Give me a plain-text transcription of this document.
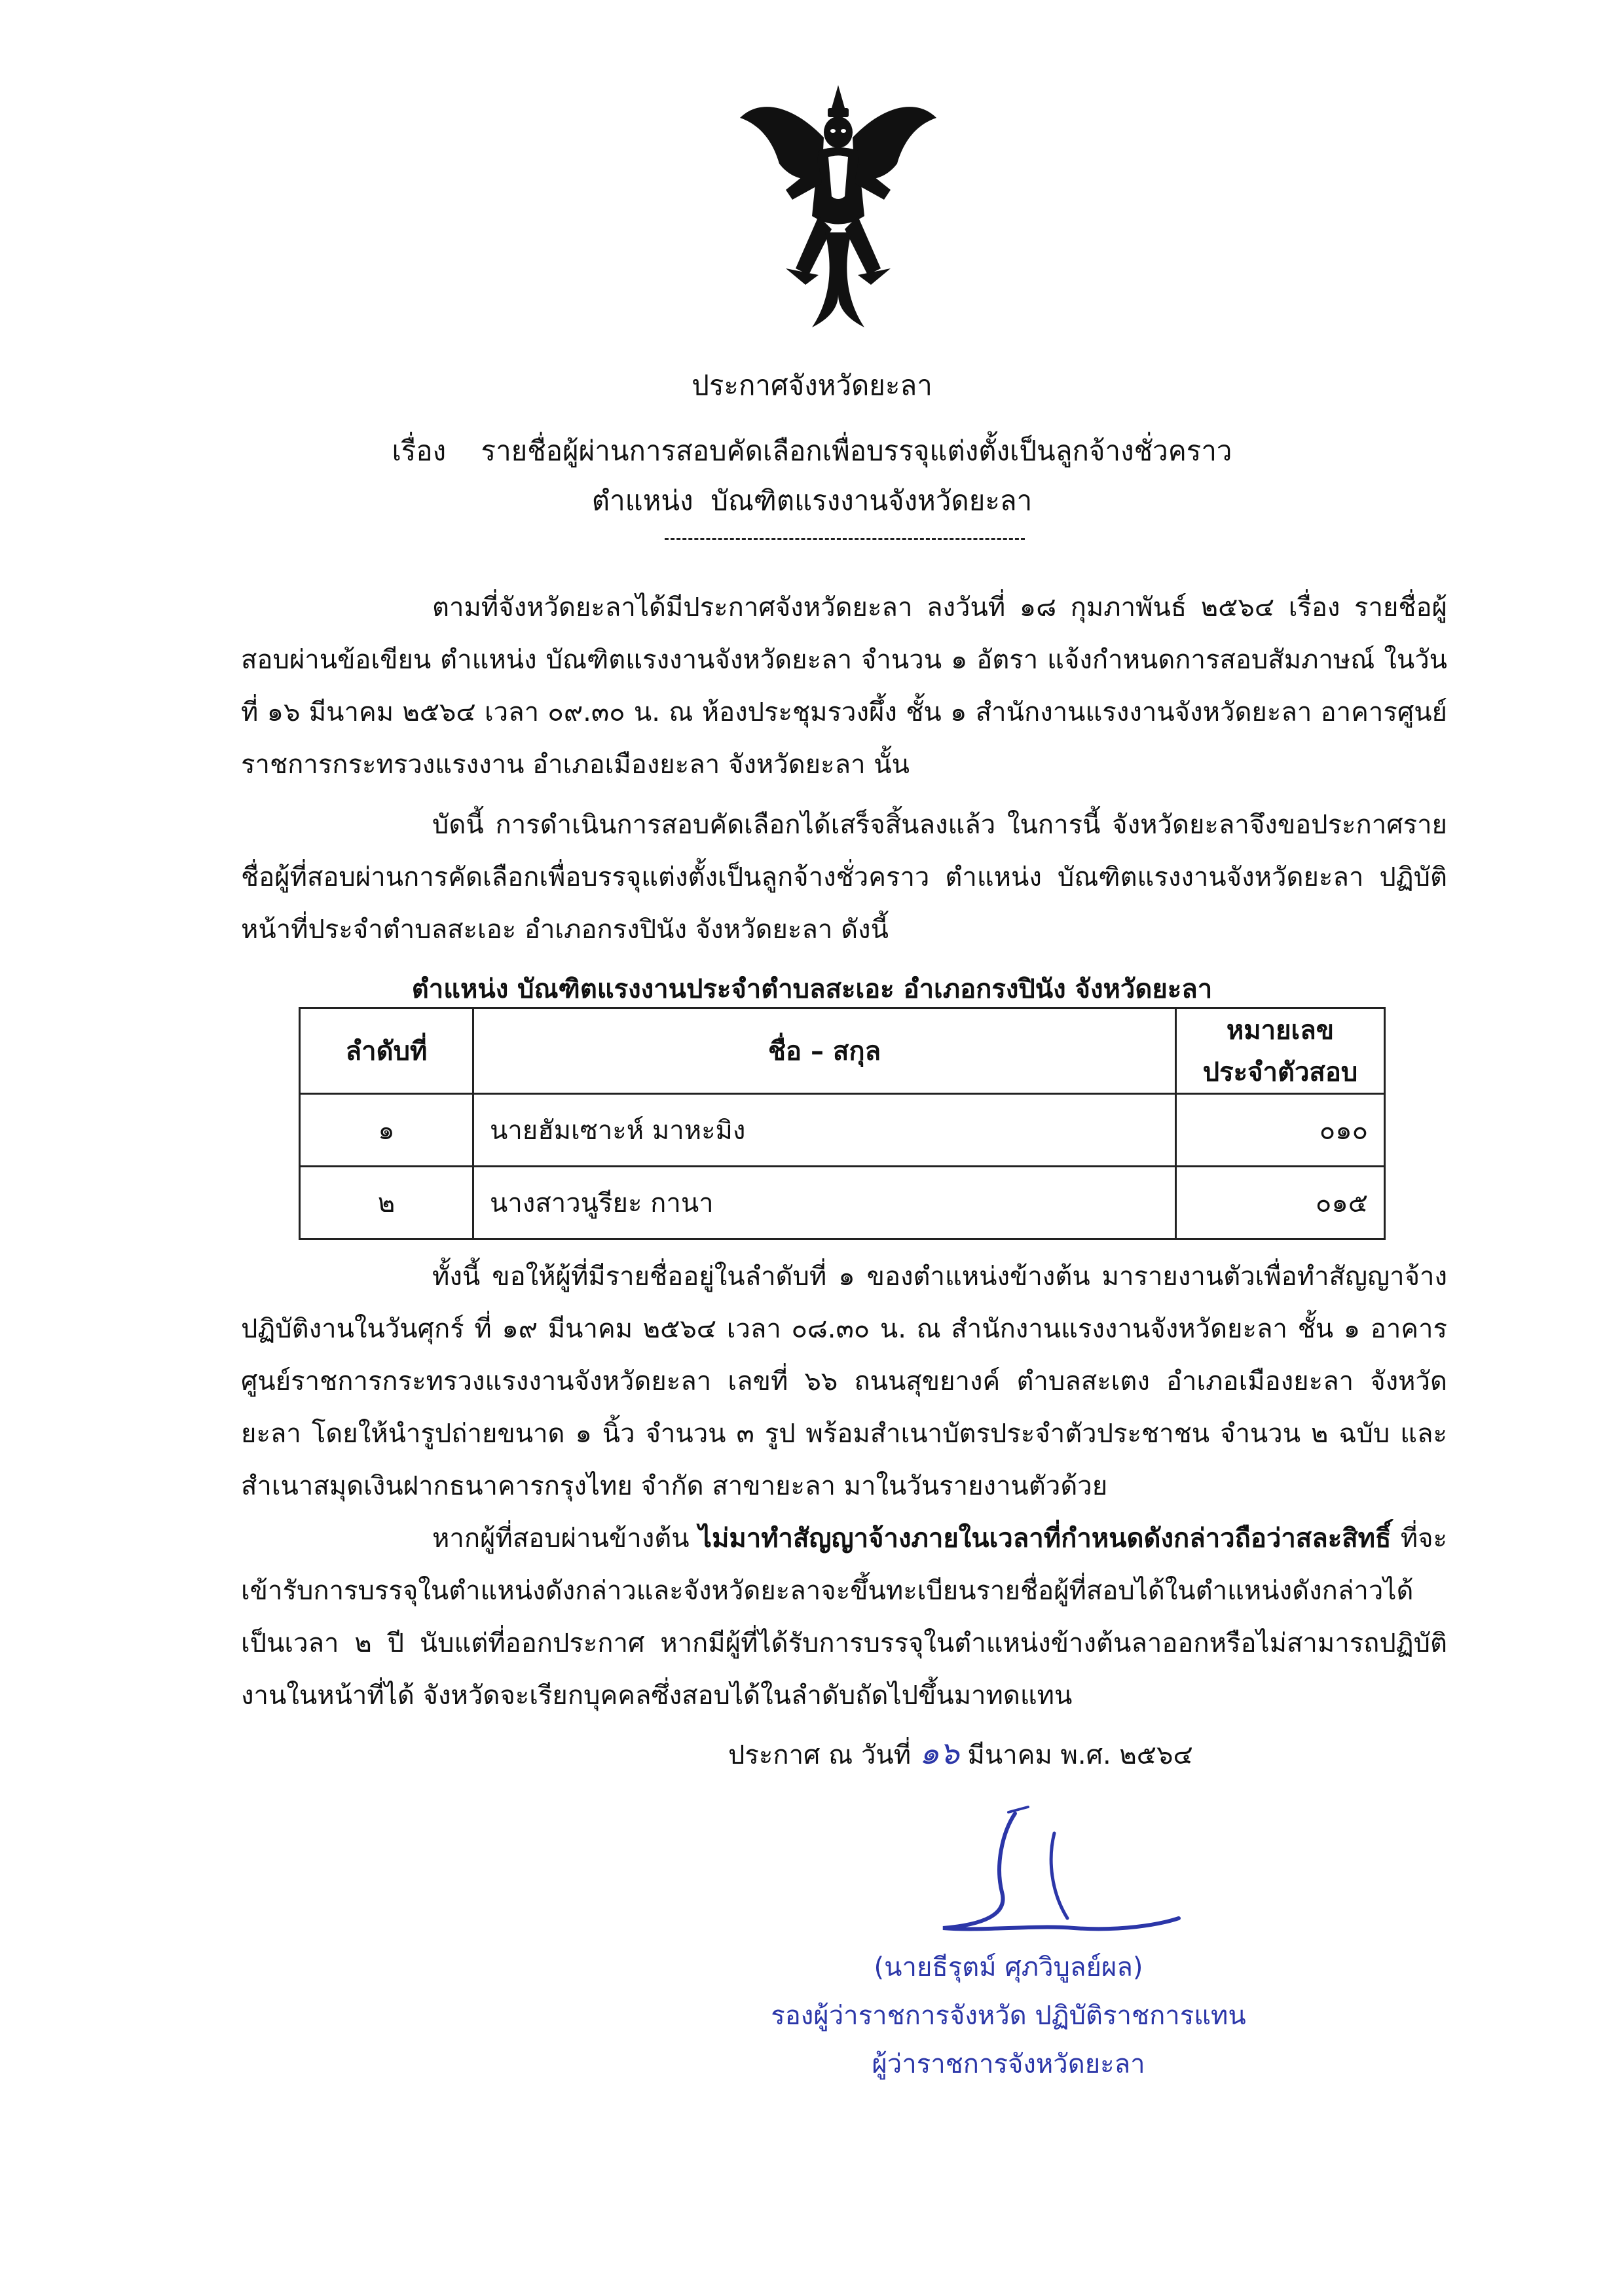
ประกาศจังหวัดยะลา
เรื่อง รายชื่อผู้ผ่านการสอบคัดเลือกเพื่อบรรจุแต่งตั้งเป็นลูกจ้างชั่วคราว
ตำแหน่ง บัณฑิตแรงงานจังหวัดยะลา

ตามที่จังหวัดยะลาได้มีประกาศจังหวัดยะลา ลงวันที่ ๑๘ กุมภาพันธ์ ๒๕๖๔ เรื่อง รายชื่อผู้สอบผ่านข้อเขียน ตำแหน่ง บัณฑิตแรงงานจังหวัดยะลา จำนวน ๑ อัตรา แจ้งกำหนดการสอบสัมภาษณ์ ในวันที่ ๑๖ มีนาคม ๒๕๖๔ เวลา ๐๙.๓๐ น. ณ ห้องประชุมรวงผึ้ง ชั้น ๑ สำนักงานแรงงานจังหวัดยะลา อาคารศูนย์ราชการกระทรวงแรงงาน อำเภอเมืองยะลา จังหวัดยะลา นั้น

บัดนี้ การดำเนินการสอบคัดเลือกได้เสร็จสิ้นลงแล้ว ในการนี้ จังหวัดยะลาจึงขอประกาศรายชื่อผู้ที่สอบผ่านการคัดเลือกเพื่อบรรจุแต่งตั้งเป็นลูกจ้างชั่วคราว ตำแหน่ง บัณฑิตแรงงานจังหวัดยะลา ปฏิบัติหน้าที่ประจำตำบลสะเอะ อำเภอกรงปินัง จังหวัดยะลา ดังนี้

ตำแหน่ง บัณฑิตแรงงานประจำตำบลสะเอะ อำเภอกรงปินัง จังหวัดยะลา
ลำดับที่	ชื่อ – สกุล	หมายเลขประจำตัวสอบ
๑	นายฮัมเซาะห์ มาหะมิง	๐๑๐
๒	นางสาวนูรียะ กานา	๐๑๕

ทั้งนี้ ขอให้ผู้ที่มีรายชื่ออยู่ในลำดับที่ ๑ ของตำแหน่งข้างต้น มารายงานตัวเพื่อทำสัญญาจ้างปฏิบัติงานในวันศุกร์ ที่ ๑๙ มีนาคม ๒๕๖๔ เวลา ๐๘.๓๐ น. ณ สำนักงานแรงงานจังหวัดยะลา ชั้น ๑ อาคารศูนย์ราชการกระทรวงแรงงานจังหวัดยะลา เลขที่ ๖๖ ถนนสุขยางค์ ตำบลสะเตง อำเภอเมืองยะลา จังหวัดยะลา โดยให้นำรูปถ่ายขนาด ๑ นิ้ว จำนวน ๓ รูป พร้อมสำเนาบัตรประจำตัวประชาชน จำนวน ๒ ฉบับ และสำเนาสมุดเงินฝากธนาคารกรุงไทย จำกัด สาขายะลา มาในวันรายงานตัวด้วย

หากผู้ที่สอบผ่านข้างต้น ไม่มาทำสัญญาจ้างภายในเวลาที่กำหนดดังกล่าวถือว่าสละสิทธิ์ ที่จะเข้ารับการบรรจุในตำแหน่งดังกล่าวและจังหวัดยะลาจะขึ้นทะเบียนรายชื่อผู้ที่สอบได้ในตำแหน่งดังกล่าวได้เป็นเวลา ๒ ปี นับแต่ที่ออกประกาศ หากมีผู้ที่ได้รับการบรรจุในตำแหน่งข้างต้นลาออกหรือไม่สามารถปฏิบัติงานในหน้าที่ได้ จังหวัดจะเรียกบุคคลซึ่งสอบได้ในลำดับถัดไปขึ้นมาทดแทน

ประกาศ ณ วันที่ ๑๖ มีนาคม พ.ศ. ๒๕๖๔
(นายธีรุตม์ ศุภวิบูลย์ผล)
รองผู้ว่าราชการจังหวัด ปฏิบัติราชการแทน
ผู้ว่าราชการจังหวัดยะลา
